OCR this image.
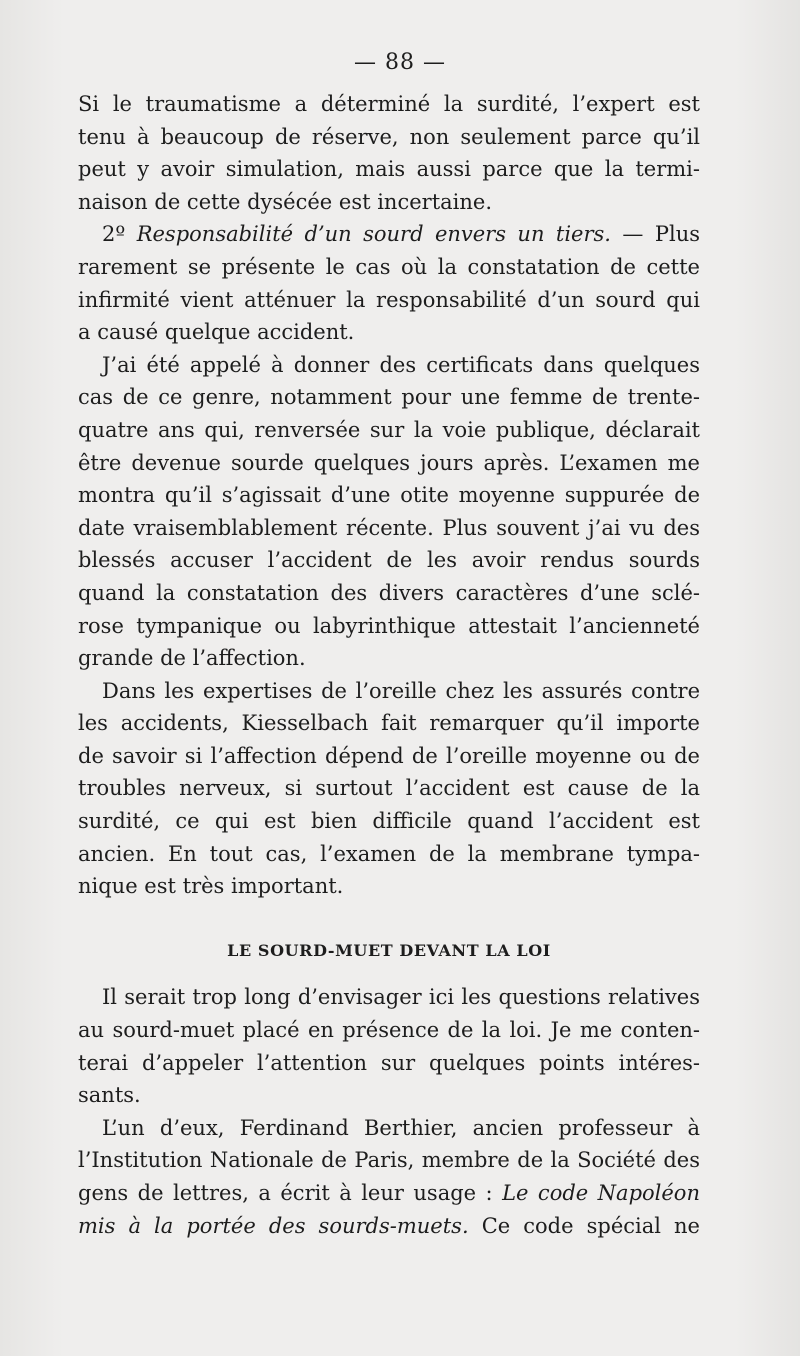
— 88 —
Si le traumatisme a déterminé la surdité, l’expert est
tenu à beaucoup de réserve, non seulement parce qu’il
peut y avoir simulation, mais aussi parce que la termi-
naison de cette dysécée est incertaine.
2º Responsabilité d’un sourd envers un tiers. — Plus
rarement se présente le cas où la constatation de cette
infirmité vient atténuer la responsabilité d’un sourd qui
a causé quelque accident.
J’ai été appelé à donner des certificats dans quelques
cas de ce genre, notamment pour une femme de trente-
quatre ans qui, renversée sur la voie publique, déclarait
être devenue sourde quelques jours après. L’examen me
montra qu’il s’agissait d’une otite moyenne suppurée de
date vraisemblablement récente. Plus souvent j’ai vu des
blessés accuser l’accident de les avoir rendus sourds
quand la constatation des divers caractères d’une sclé-
rose tympanique ou labyrinthique attestait l’ancienneté
grande de l’affection.
Dans les expertises de l’oreille chez les assurés contre
les accidents, Kiesselbach fait remarquer qu’il importe
de savoir si l’affection dépend de l’oreille moyenne ou de
troubles nerveux, si surtout l’accident est cause de la
surdité, ce qui est bien difficile quand l’accident est
ancien. En tout cas, l’examen de la membrane tympa-
nique est très important.
LE SOURD-MUET DEVANT LA LOI
Il serait trop long d’envisager ici les questions relatives
au sourd-muet placé en présence de la loi. Je me conten-
terai d’appeler l’attention sur quelques points intéres-
sants.
L’un d’eux, Ferdinand Berthier, ancien professeur à
l’Institution Nationale de Paris, membre de la Société des
gens de lettres, a écrit à leur usage : Le code Napoléon
mis à la portée des sourds-muets. Ce code spécial ne
